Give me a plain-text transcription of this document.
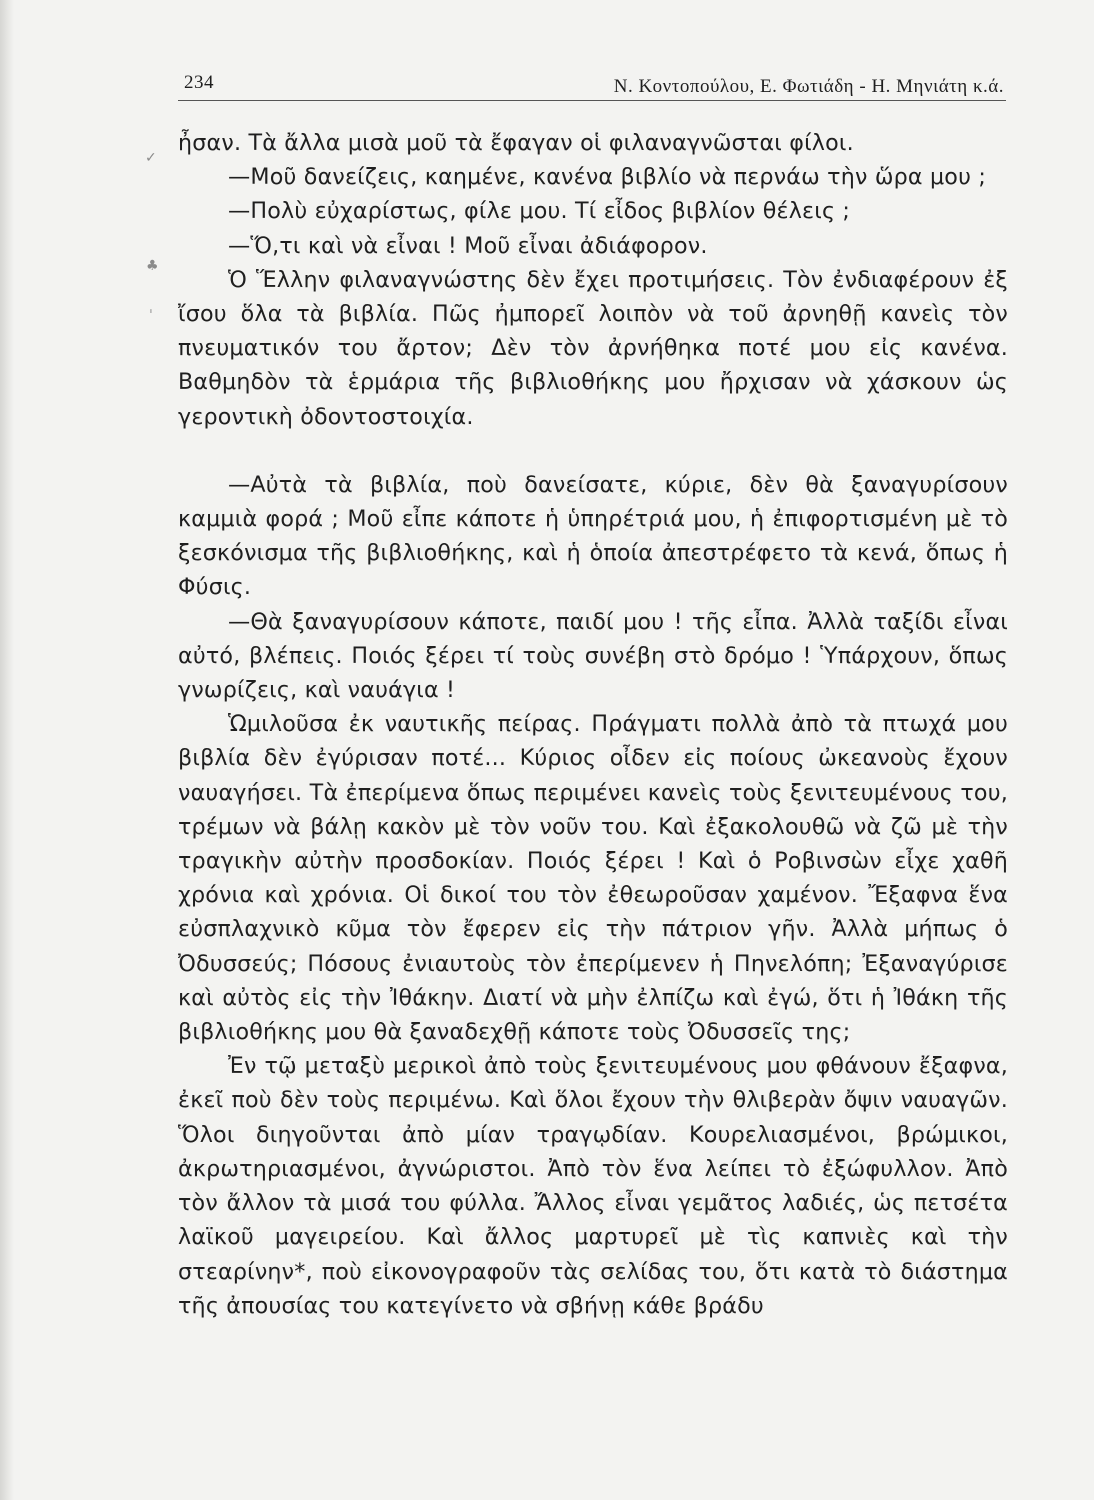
234	Ν. Κοντοπούλου, Ε. Φωτιάδη - Η. Μηνιάτη κ.ά.
✓
♣
ˈ

ἦσαν. Τὰ ἄλλα μισὰ μοῦ τὰ ἔφαγαν οἱ φιλαναγνῶσται φίλοι.

—Μοῦ δανείζεις, καημένε, κανένα βιβλίο νὰ περνάω τὴν ὥρα μου ;

—Πολὺ εὐχαρίστως, φίλε μου. Τί εἶδος βιβλίον θέλεις ;

—Ὅ,τι καὶ νὰ εἶναι ! Μοῦ εἶναι ἀδιάφορον.

Ὁ Ἕλλην φιλαναγνώστης δὲν ἔχει προτιμήσεις. Τὸν ἐνδιαφέρουν ἐξ ἴσου ὅλα τὰ βιβλία. Πῶς ἠμπορεῖ λοιπὸν νὰ τοῦ ἀρνηθῇ κανεὶς τὸν πνευματικόν του ἄρτον; Δὲν τὸν ἀρνήθηκα ποτέ μου εἰς κανένα. Βαθμηδὸν τὰ ἑρμάρια τῆς βιβλιοθήκης μου ἤρχισαν νὰ χάσκουν ὡς γεροντικὴ ὀδοντοστοιχία.

—Αὐτὰ τὰ βιβλία, ποὺ δανείσατε, κύριε, δὲν θὰ ξαναγυρίσουν καμμιὰ φορά ; Μοῦ εἶπε κάποτε ἡ ὑπηρέτριά μου, ἡ ἐπιφορτισμένη μὲ τὸ ξεσκόνισμα τῆς βιβλιοθήκης, καὶ ἡ ὁποία ἀπεστρέφετο τὰ κενά, ὅπως ἡ Φύσις.

—Θὰ ξαναγυρίσουν κάποτε, παιδί μου ! τῆς εἶπα. Ἀλλὰ ταξίδι εἶναι αὐτό, βλέπεις. Ποιός ξέρει τί τοὺς συνέβη στὸ δρόμο ! Ὑπάρχουν, ὅπως γνωρίζεις, καὶ ναυάγια !

Ὡμιλοῦσα ἐκ ναυτικῆς πείρας. Πράγματι πολλὰ ἀπὸ τὰ πτωχά μου βιβλία δὲν ἐγύρισαν ποτέ... Κύριος οἶδεν εἰς ποίους ὠκεανοὺς ἔχουν ναυαγήσει. Τὰ ἐπερίμενα ὅπως περιμένει κανεὶς τοὺς ξενιτευμένους του, τρέμων νὰ βάλῃ κακὸν μὲ τὸν νοῦν του. Καὶ ἐξακολουθῶ νὰ ζῶ μὲ τὴν τραγικὴν αὐτὴν προσδοκίαν. Ποιός ξέρει ! Καὶ ὁ Ροβινσὼν εἶχε χαθῆ χρόνια καὶ χρόνια. Οἱ δικοί του τὸν ἐθεωροῦσαν χαμένον. Ἔξαφνα ἕνα εὐσπλαχνικὸ κῦμα τὸν ἔφερεν εἰς τὴν πάτριον γῆν. Ἀλλὰ μήπως ὁ Ὀδυσσεύς; Πόσους ἐνιαυτοὺς τὸν ἐπερίμενεν ἡ Πηνελόπη; Ἐξαναγύρισε καὶ αὐτὸς εἰς τὴν Ἰθάκην. Διατί νὰ μὴν ἐλπίζω καὶ ἐγώ, ὅτι ἡ Ἰθάκη τῆς βιβλιοθήκης μου θὰ ξαναδεχθῇ κάποτε τοὺς Ὀδυσσεῖς της;

Ἐν τῷ μεταξὺ μερικοὶ ἀπὸ τοὺς ξενιτευμένους μου φθάνουν ἔξαφνα, ἐκεῖ ποὺ δὲν τοὺς περιμένω. Καὶ ὅλοι ἔχουν τὴν θλιβερὰν ὄψιν ναυαγῶν. Ὅλοι διηγοῦνται ἀπὸ μίαν τραγῳδίαν. Κουρελιασμένοι, βρώμικοι, ἀκρωτηριασμένοι, ἀγνώριστοι. Ἀπὸ τὸν ἕνα λείπει τὸ ἐξώφυλλον. Ἀπὸ τὸν ἄλλον τὰ μισά του φύλλα. Ἄλλος εἶναι γεμᾶτος λαδιές, ὡς πετσέτα λαϊκοῦ μαγειρείου. Καὶ ἄλλος μαρτυρεῖ μὲ τὶς καπνιὲς καὶ τὴν στεαρίνην*, ποὺ εἰκονογραφοῦν τὰς σελίδας του, ὅτι κατὰ τὸ διάστημα τῆς ἀπουσίας του κατεγίνετο νὰ σβήνῃ κάθε βράδυ
